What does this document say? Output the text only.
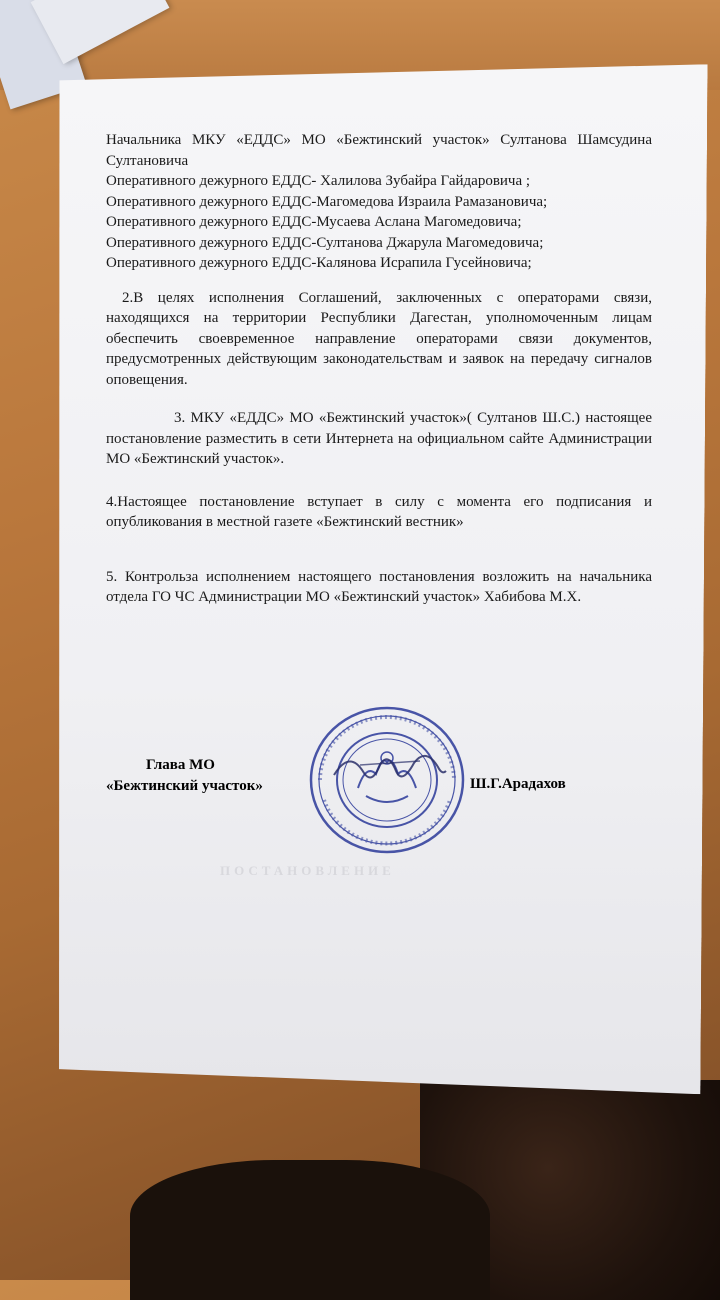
ПОСТАНОВЛЕНИЕ

Начальника МКУ «ЕДДС» МО «Бежтинский участок» Султанова Шамсудина Султановича

Оперативного дежурного ЕДДС- Халилова Зубайра Гайдаровича ;

Оперативного дежурного ЕДДС-Магомедова Израила Рамазановича;

Оперативного дежурного ЕДДС-Мусаева Аслана Магомедовича;

Оперативного дежурного ЕДДС-Султанова Джарула Магомедовича;

Оперативного дежурного ЕДДС-Калянова Исрапила Гусейновича;

2.В целях исполнения Соглашений, заключенных с операторами связи, находящихся на территории Республики Дагестан, уполномоченным лицам обеспечить своевременное направление операторами связи документов, предусмотренных действующим законодательствам и заявок на передачу сигналов оповещения.

3. МКУ «ЕДДС» МО «Бежтинский участок»( Султанов Ш.С.) настоящее постановление разместить в сети Интернета на официальном сайте Администрации МО «Бежтинский участок».

4.Настоящее постановление вступает в силу с момента его подписания и опубликования в местной газете «Бежтинский вестник»

5. Контрольза исполнением настоящего постановления возложить на начальника отдела ГО ЧС Администрации МО «Бежтинский участок» Хабибова М.Х.

Глава МО
«Бежтинский участок»	Ш.Г.Арадахов
